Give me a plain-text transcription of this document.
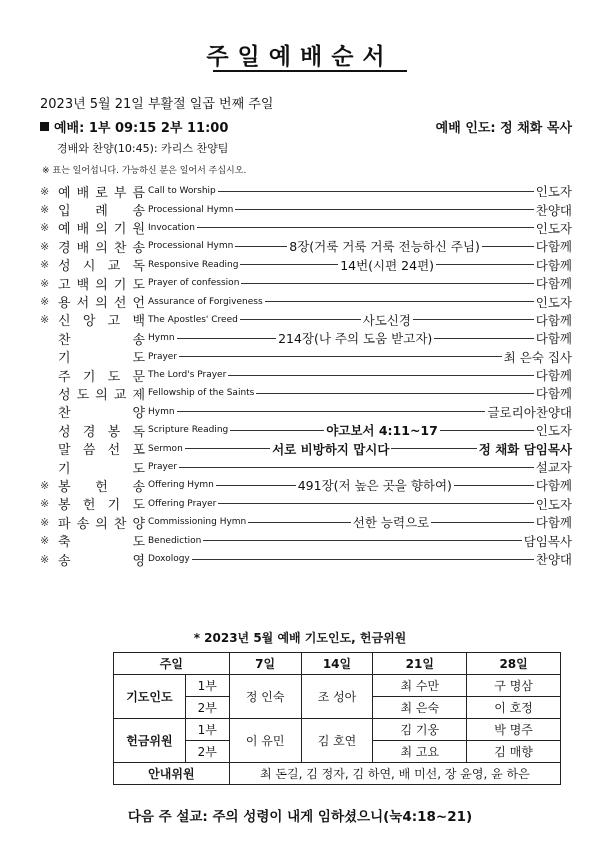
주일예배순서
2023년 5월 21일 부활절 일곱 번째 주일
예배: 1부 09:15 2부 11:00	예배 인도: 정 채화 목사
경배와 찬양(10:45): 카리스 찬양팀
※ 표는 일어섭니다. 가능하신 분은 일어서 주십시오.
※ 예 배 로 부 름 Call to Worship	인도자
※ 입 례 송 Processional Hymn	찬양대
※ 예 배 의 기 원 Invocation	인도자
※ 경 배 의 찬 송 Processional Hymn	8장(거룩 거룩 거룩 전능하신 주님)	다함께
※ 성 시 교 독 Responsive Reading	14번(시편 24편)	다함께
※ 고 백 의 기 도 Prayer of confession	다함께
※ 용 서 의 선 언 Assurance of Forgiveness	인도자
※ 신 앙 고 백 The Apostles' Creed	사도신경	다함께
찬	송 Hymn	214장(나 주의 도움 받고자)	다함께
기	도 Prayer	최 은숙 집사
주 기 도 문 The Lord's Prayer	다함께
성 도 의 교 제 Fellowship of the Saints	다함께
찬	양 Hymn	글로리아찬양대
성 경 봉 독 Scripture Reading	야고보서 4:11~17	인도자
말 씀 선 포 Sermon	서로 비방하지 맙시다	정 채화 담임목사
기	도 Prayer	설교자
※ 봉 헌 송 Offering Hymn	491장(저 높은 곳을 향하여)	다함께
※ 봉 헌 기 도 Offering Prayer	인도자
※ 파 송 의 찬 양 Commissioning Hymn	선한 능력으로	다함께
※ 축	도 Benediction	담임목사
※ 송	영 Doxology	찬양대
* 2023년 5월 예배 기도인도, 헌금위원
주일		7일	14일	21일	28일
기도인도	1부	정 인숙	조 성아	최 수만	구 명삼
	2부			최 은숙	이 호정
헌금위원	1부	이 유민	김 호연	김 기웅	박 명주
	2부			최 고요	김 매향
안내위원		최 돈길, 김 정자, 김 하연, 배 미선, 장 윤영, 윤 하은			
다음 주 설교: 주의 성령이 내게 임하셨으니(눅4:18~21)
